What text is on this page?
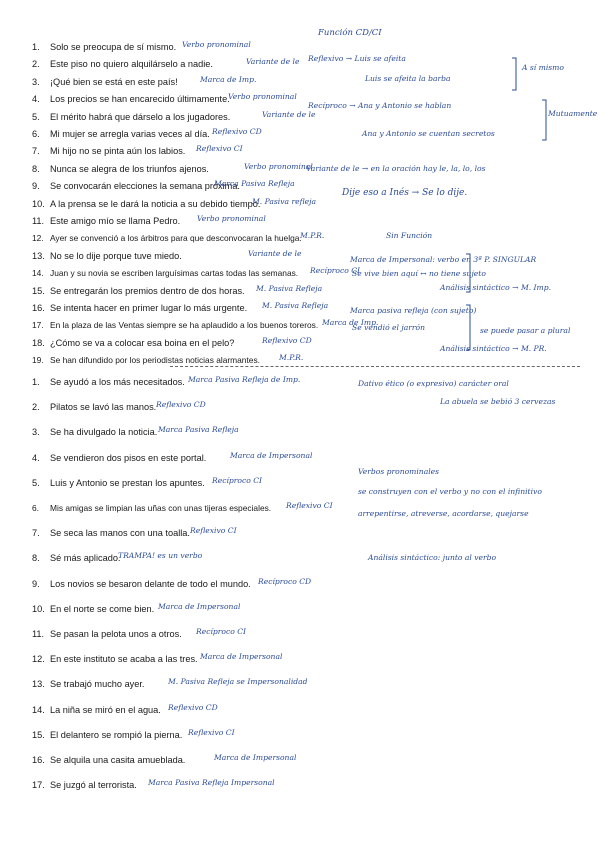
1. Solo se preocupa de sí mismo.
2. Este piso no quiero alquilárselo a nadie.
3. ¡Qué bien se está en este país!
4. Los precios se han encarecido últimamente.
5. El mérito habrá que dárselo a los jugadores.
6. Mi mujer se arregla varias veces al día.
7. Mi hijo no se pinta aún los labios.
8. Nunca se alegra de los triunfos ajenos.
9. Se convocarán elecciones la semana próxima.
10. A la prensa se le dará la noticia a su debido tiempo.
11. Este amigo mío se llama Pedro.
12. Ayer se convenció a los árbitros para que desconvocaran la huelga.
13. No se lo dije porque tuve miedo.
14. Juan y su novia se escriben larguísimas cartas todas las semanas.
15. Se entregarán los premios dentro de dos horas.
16. Se intenta hacer en primer lugar lo más urgente.
17. En la plaza de las Ventas siempre se ha aplaudido a los buenos toreros.
18. ¿Cómo se va a colocar esa boina en el pelo?
19. Se han difundido por los periodistas noticias alarmantes.
1. Se ayudó a los más necesitados.
2. Pilatos se lavó las manos.
3. Se ha divulgado la noticia.
4. Se vendieron dos pisos en este portal.
5. Luis y Antonio se prestan los apuntes.
6. Mis amigas se limpian las uñas con unas tijeras especiales.
7. Se seca las manos con una toalla.
8. Sé más aplicado.
9. Los novios se besaron delante de todo el mundo.
10. En el norte se come bien.
11. Se pasan la pelota unos a otros.
12. En este instituto se acaba a las tres.
13. Se trabajó mucho ayer.
14. La niña se miró en el agua.
15. El delantero se rompió la pierna.
16. Se alquila una casita amueblada.
17. Se juzgó al terrorista.
Verbo pronominal
Variante de le
Marca de Imp.
Verbo pronominal
Variante de le
Reflexivo CD
Reflexivo CI
Verbo pronominal
Marca Pasiva Refleja
M. Pasiva refleja
Verbo pronominal
M.P.R.
Variante de le
Recíproco CI
M. Pasiva Refleja
M. Pasiva Refleja
Marca de Imp.
Reflexivo CD
M.P.R.
Marca Pasiva Refleja de Imp.
Reflexivo CD
Marca Pasiva Refleja
Marca de Impersonal
Recíproco CI
Reflexivo CI
Reflexivo CI
TRAMPA! es un verbo
Recíproco CD
Marca de Impersonal
Recíproco CI
Marca de Impersonal
M. Pasiva Refleja se Impersonalidad
Reflexivo CD
Reflexivo CI
Marca de Impersonal
Marca Pasiva Refleja Impersonal
Función CD/CI
Reflexivo → Luis se afeita
Luis se afeita la barba
A sí mismo
Recíproco → Ana y Antonio se hablan
Ana y Antonio se cuentan secretos
Mutuamente
Variante de le → en la oración hay le, la, lo, los
Dije eso a Inés → Se lo dije.
Sin Función
Marca de Impersonal: verbo en 3ª P. SINGULAR
Se vive bien aquí ↔ no tiene sujeto
Análisis sintáctico → M. Imp.
Marca pasiva refleja (con sujeto)
Se vendió el jarrón	se puede pasar a plural
Análisis sintáctico → M. PR.
Dativo ético (o expresivo) carácter oral
La abuela se bebió 3 cervezas
Verbos pronominales
se construyen con el verbo y no con el infinitivo
arrepentirse, atreverse, acordarse, quejarse
Análisis sintáctico: junto al verbo
